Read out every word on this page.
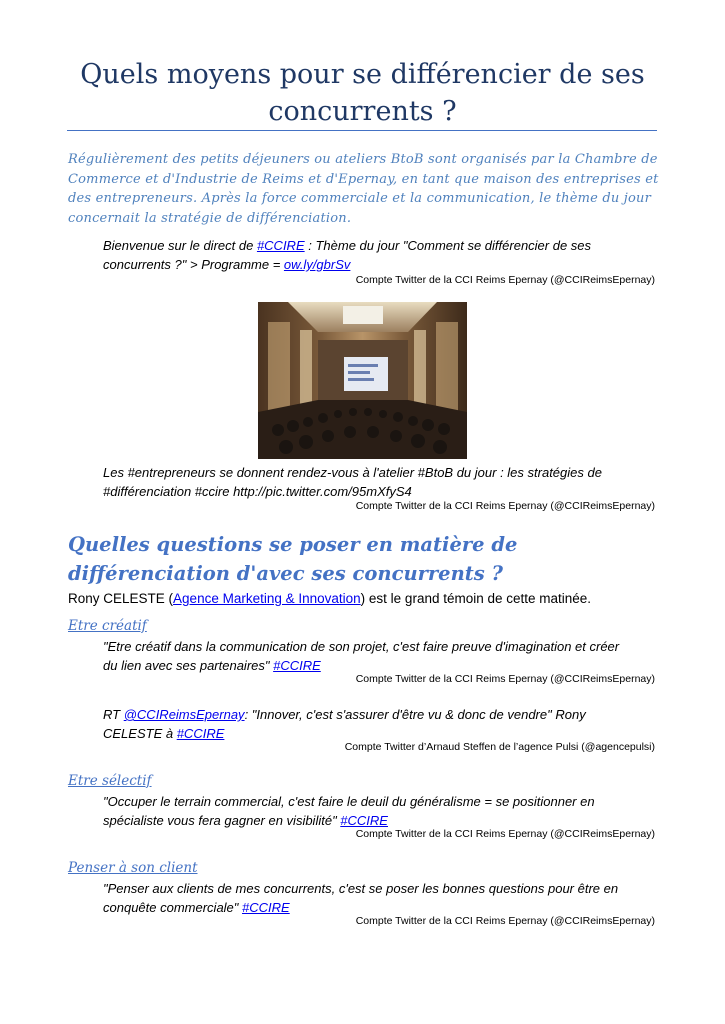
Quels moyens pour se différencier de ses concurrents ?

Régulièrement des petits déjeuners ou ateliers BtoB sont organisés par la Chambre de Commerce et d'Industrie de Reims et d'Epernay, en tant que maison des entreprises et des entrepreneurs. Après la force commerciale et la communication, le thème du jour concernait la stratégie de différenciation.

Bienvenue sur le direct de #CCIRE : Thème du jour "Comment se différencier de ses concurrents ?" > Programme = ow.ly/gbrSv

Compte Twitter de la CCI Reims Epernay (@CCIReimsEpernay)

Les #entrepreneurs se donnent rendez-vous à l'atelier #BtoB du jour : les stratégies de #différenciation #ccire http://pic.twitter.com/95mXfyS4

Compte Twitter de la CCI Reims Epernay (@CCIReimsEpernay)

Quelles questions se poser en matière de différenciation d'avec ses concurrents ?

Rony CELESTE (Agence Marketing & Innovation) est le grand témoin de cette matinée.

Etre créatif

"Etre créatif dans la communication de son projet, c'est faire preuve d'imagination et créer du lien avec ses partenaires" #CCIRE

Compte Twitter de la CCI Reims Epernay (@CCIReimsEpernay)

RT @CCIReimsEpernay: "Innover, c'est s'assurer d'être vu & donc de vendre" Rony CELESTE à #CCIRE

Compte Twitter d’Arnaud Steffen de l’agence Pulsi (@agencepulsi)

Etre sélectif

"Occuper le terrain commercial, c'est faire le deuil du généralisme = se positionner en spécialiste vous fera gagner en visibilité" #CCIRE

Compte Twitter de la CCI Reims Epernay (@CCIReimsEpernay)

Penser à son client

"Penser aux clients de mes concurrents, c'est se poser les bonnes questions pour être en conquête commerciale" #CCIRE

Compte Twitter de la CCI Reims Epernay (@CCIReimsEpernay)
